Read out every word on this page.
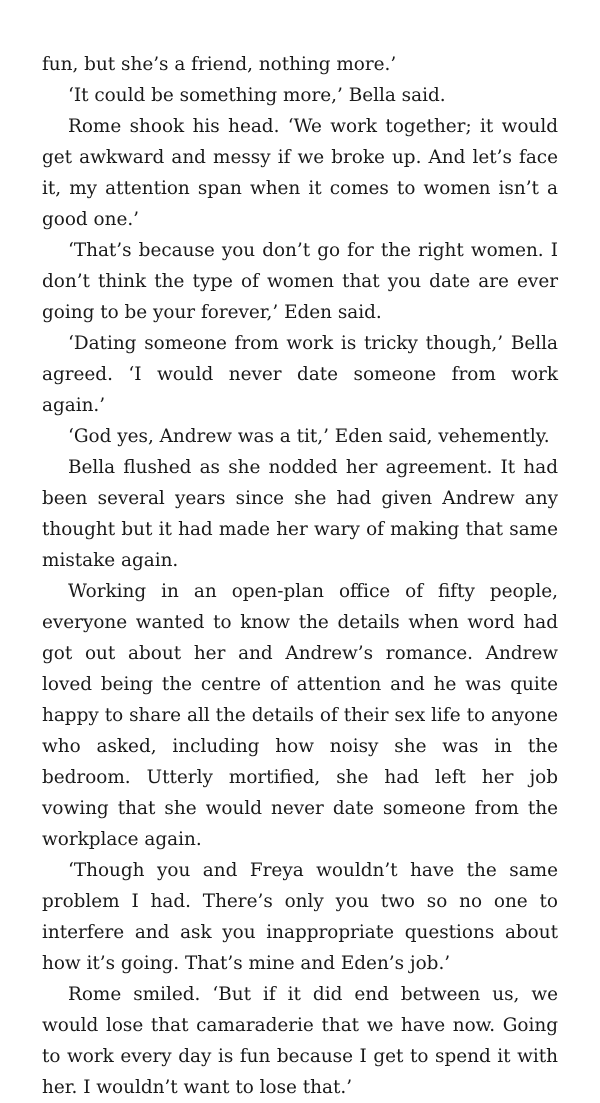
fun, but she’s a friend, nothing more.’

‘It could be something more,’ Bella said.

Rome shook his head. ‘We work together; it would get awkward and messy if we broke up. And let’s face it, my attention span when it comes to women isn’t a good one.’

‘That’s because you don’t go for the right women. I don’t think the type of women that you date are ever going to be your forever,’ Eden said.

‘Dating someone from work is tricky though,’ Bella agreed. ‘I would never date someone from work again.’

‘God yes, Andrew was a tit,’ Eden said, vehemently.

Bella flushed as she nodded her agreement. It had been several years since she had given Andrew any thought but it had made her wary of making that same mistake again.

Working in an open-plan office of fifty people, everyone wanted to know the details when word had got out about her and Andrew’s romance. Andrew loved being the centre of attention and he was quite happy to share all the details of their sex life to anyone who asked, including how noisy she was in the bedroom. Utterly mortified, she had left her job vowing that she would never date someone from the workplace again.

‘Though you and Freya wouldn’t have the same problem I had. There’s only you two so no one to interfere and ask you inappropriate questions about how it’s going. That’s mine and Eden’s job.’

Rome smiled. ‘But if it did end between us, we would lose that camaraderie that we have now. Going to work every day is fun because I get to spend it with her. I wouldn’t want to lose that.’
